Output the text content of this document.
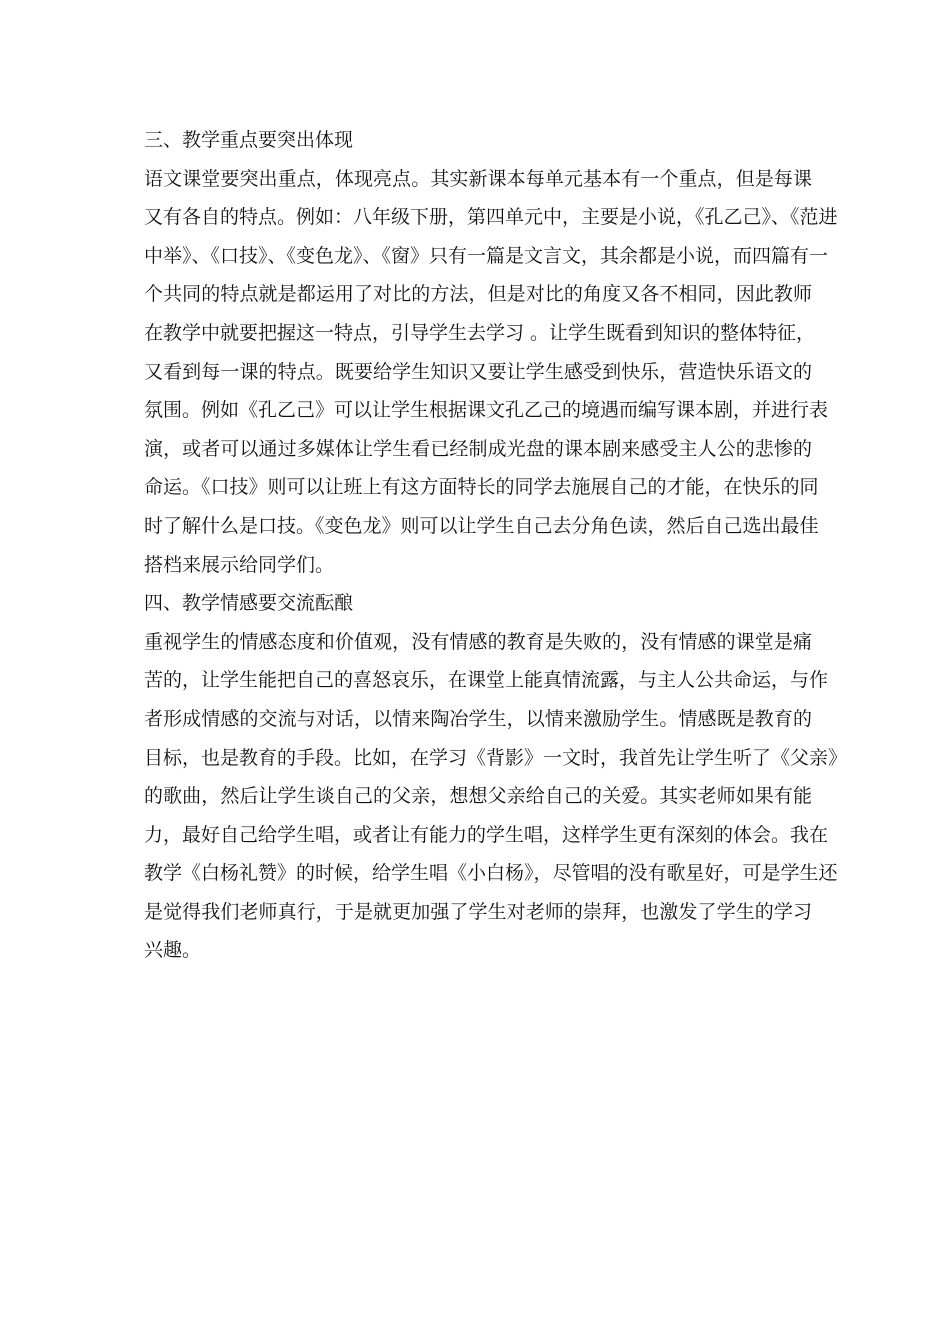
三、教学重点要突出体现
语文课堂要突出重点，体现亮点。其实新课本每单元基本有一个重点，但是每课
又有各自的特点。例如：八年级下册，第四单元中，主要是小说，《孔乙己》、《范进
中举》、《口技》、《变色龙》、《窗》只有一篇是文言文，其余都是小说，而四篇有一
个共同的特点就是都运用了对比的方法，但是对比的角度又各不相同，因此教师
在教学中就要把握这一特点，引导学生去学习 。让学生既看到知识的整体特征，
又看到每一课的特点。既要给学生知识又要让学生感受到快乐，营造快乐语文的
氛围。例如《孔乙己》可以让学生根据课文孔乙己的境遇而编写课本剧，并进行表
演，或者可以通过多媒体让学生看已经制成光盘的课本剧来感受主人公的悲惨的
命运。《口技》则可以让班上有这方面特长的同学去施展自己的才能，在快乐的同
时了解什么是口技。《变色龙》则可以让学生自己去分角色读，然后自己选出最佳
搭档来展示给同学们。
四、教学情感要交流酝酿
重视学生的情感态度和价值观，没有情感的教育是失败的，没有情感的课堂是痛
苦的，让学生能把自己的喜怒哀乐，在课堂上能真情流露，与主人公共命运，与作
者形成情感的交流与对话，以情来陶冶学生，以情来激励学生。情感既是教育的
目标，也是教育的手段。比如，在学习《背影》一文时，我首先让学生听了《父亲》
的歌曲，然后让学生谈自己的父亲，想想父亲给自己的关爱。其实老师如果有能
力，最好自己给学生唱，或者让有能力的学生唱，这样学生更有深刻的体会。我在
教学《白杨礼赞》的时候，给学生唱《小白杨》，尽管唱的没有歌星好，可是学生还
是觉得我们老师真行，于是就更加强了学生对老师的崇拜，也激发了学生的学习
兴趣。
